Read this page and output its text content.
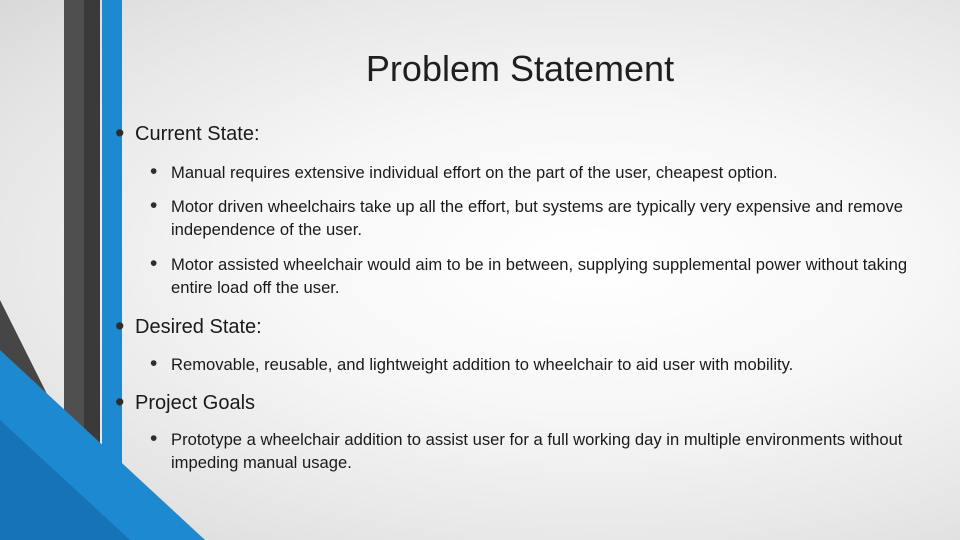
Problem Statement
• Current State:
• Manual requires extensive individual effort on the part of the user, cheapest option.
• Motor driven wheelchairs take up all the effort, but systems are typically very expensive and remove independence of the user.
• Motor assisted wheelchair would aim to be in between, supplying supplemental power without taking entire load off the user.
• Desired State:
• Removable, reusable, and lightweight addition to wheelchair to aid user with mobility.
• Project Goals
• Prototype a wheelchair addition to assist user for a full working day in multiple environments without impeding manual usage.
